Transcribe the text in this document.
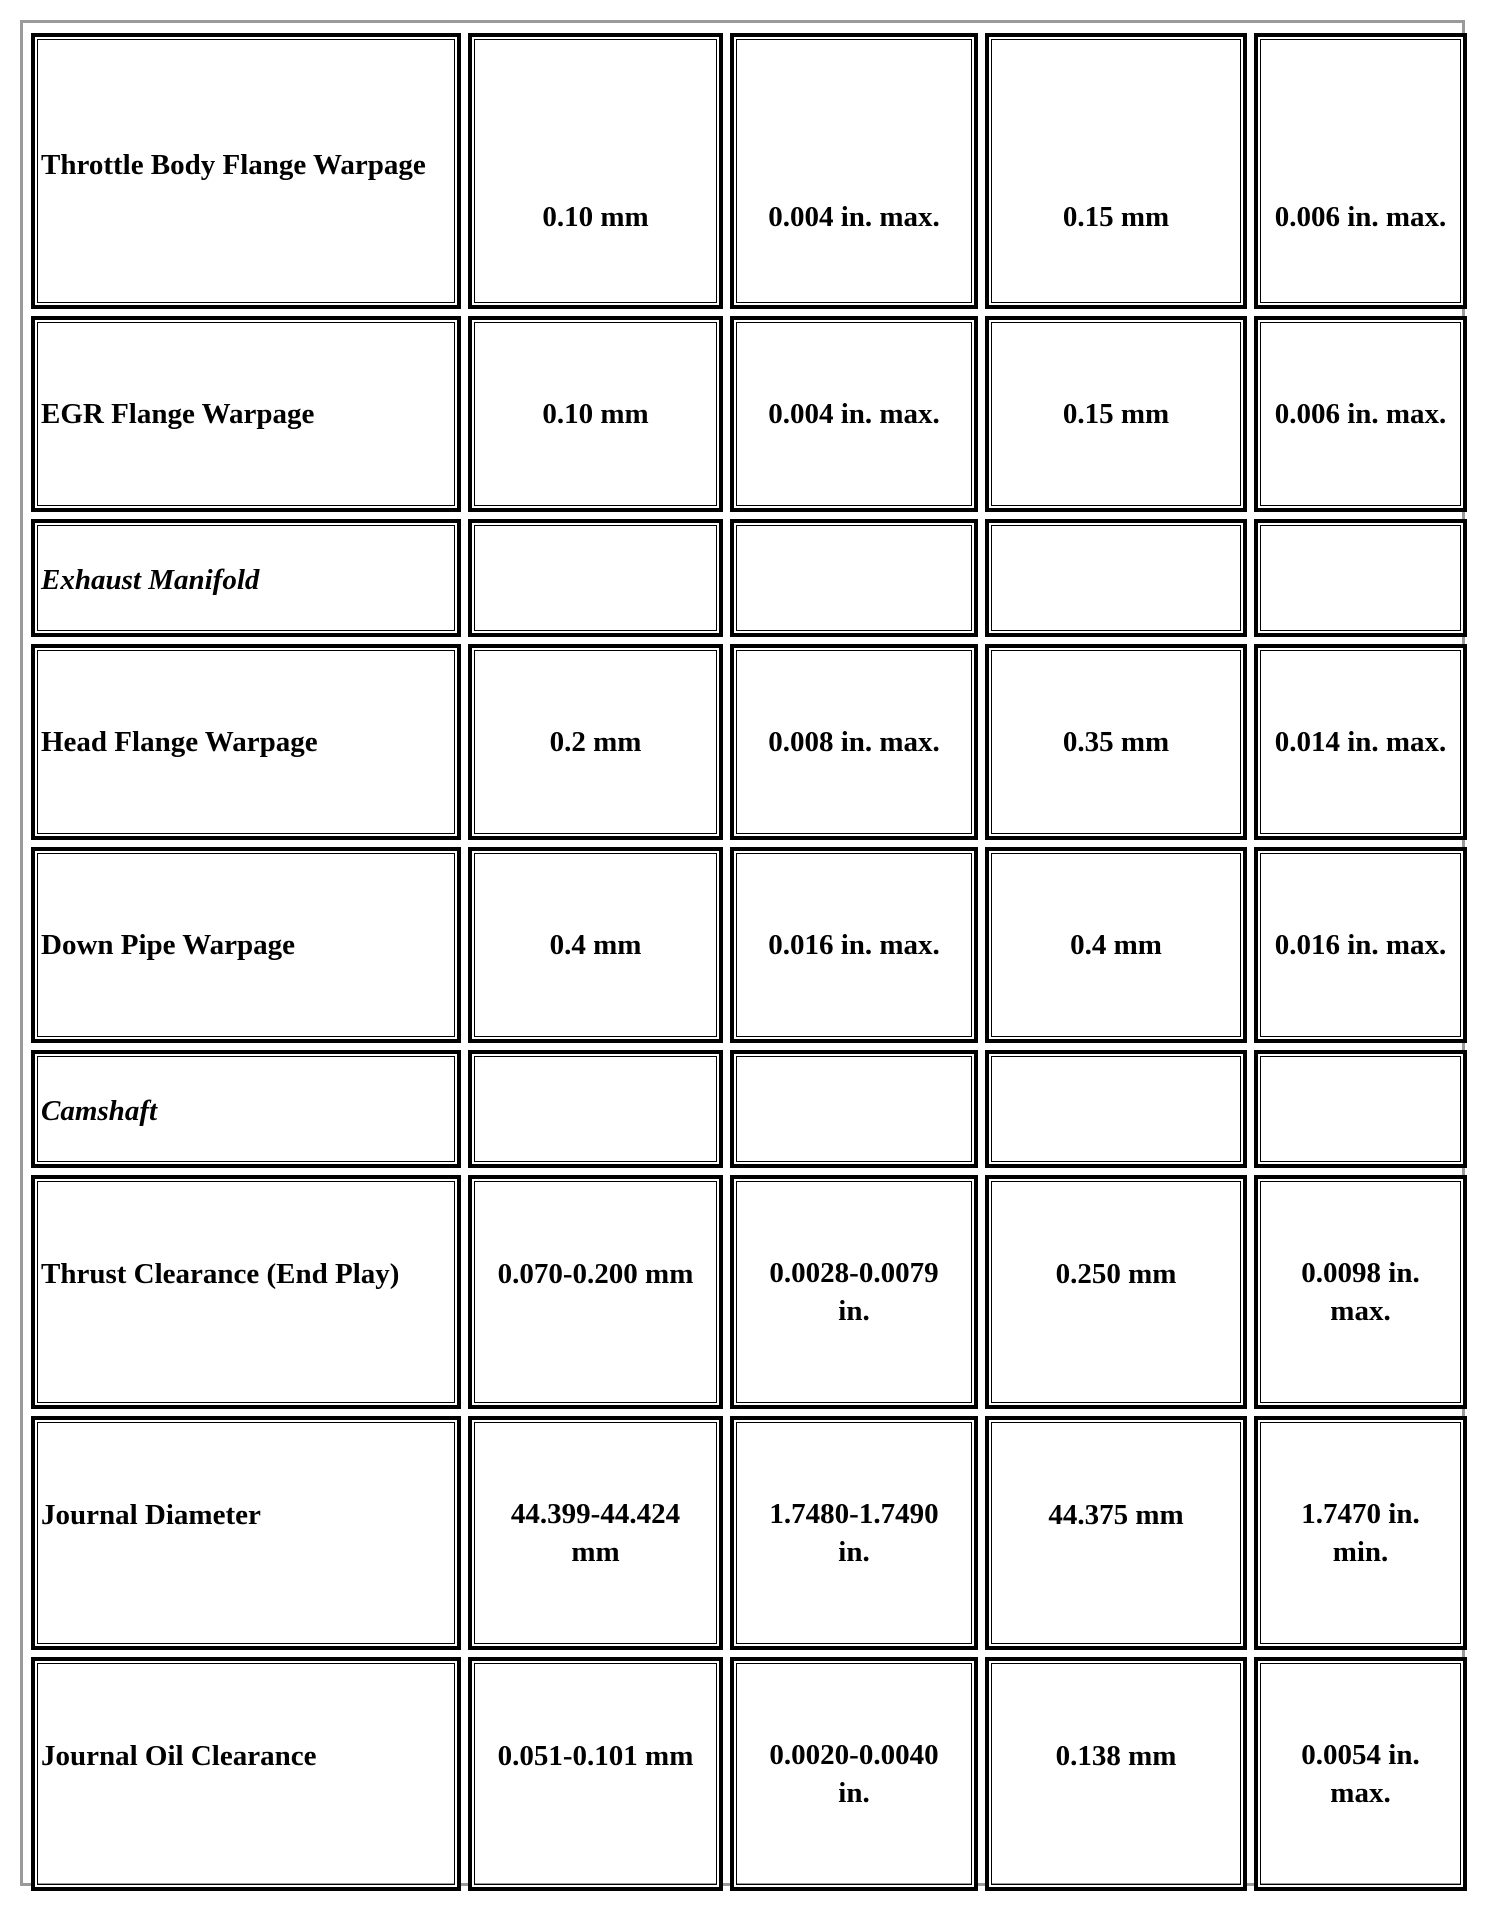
Throttle Body Flange Warpage	0.10 mm	0.004 in. max.	0.15 mm	0.006 in. max.
EGR Flange Warpage	0.10 mm	0.004 in. max.	0.15 mm	0.006 in. max.
Exhaust Manifold				
Head Flange Warpage	0.2 mm	0.008 in. max.	0.35 mm	0.014 in. max.
Down Pipe Warpage	0.4 mm	0.016 in. max.	0.4 mm	0.016 in. max.
Camshaft				
Thrust Clearance (End Play)	0.070-0.200 mm	0.0028-0.0079 in.	0.250 mm	0.0098 in. max.
Journal Diameter	44.399-44.424 mm	1.7480-1.7490 in.	44.375 mm	1.7470 in. min.
Journal Oil Clearance	0.051-0.101 mm	0.0020-0.0040 in.	0.138 mm	0.0054 in. max.
